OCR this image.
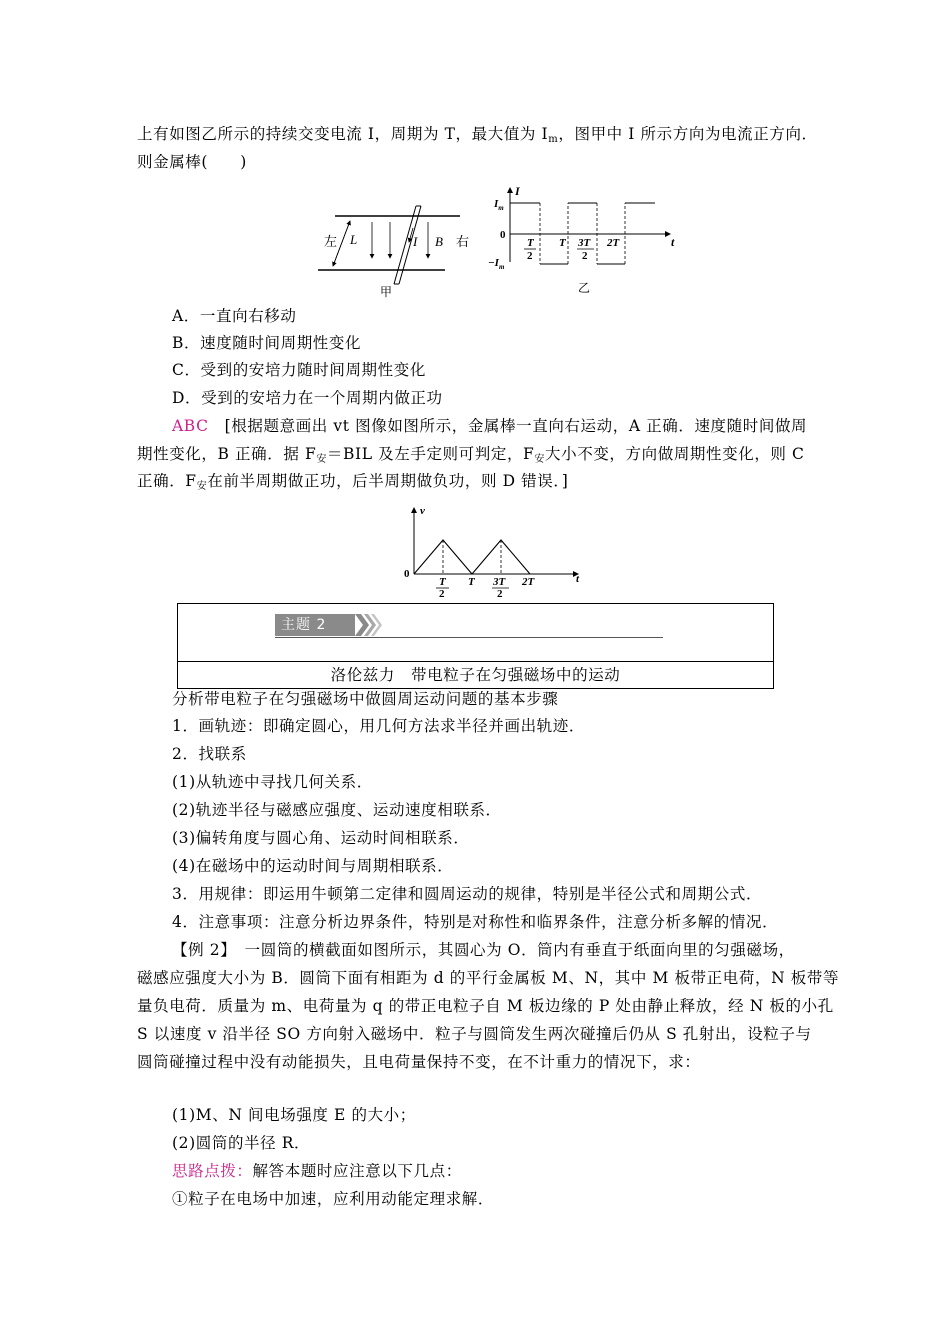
上有如图乙所示的持续交变电流 I，周期为 T，最大值为 $I_m$，图甲中 I 所示方向为电流正方向．
则金属棒(　　)
左 L	I B 右
甲
I
t
$I_m$
0
$-I_m$
T
2
T 3T
2
2T
乙
A．一直向右移动
B．速度随时间周期性变化
C．受到的安培力随时间周期性变化
D．受到的安培力在一个周期内做正功
ABC　 [根据题意画出 vt 图像如图所示，金属棒一直向右运动，A 正确．速度随时间做周
期性变化，B 正确．据 $F_安=BIL$ 及左手定则可判定，$F_安$大小不变，方向做周期性变化，则 C
正确．$F_安$在前半周期做正功，后半周期做负功，则 D 错误．]
v
t
0
T
2
T 3T
2
2T
主题 2
洛伦兹力　带电粒子在匀强磁场中的运动
分析带电粒子在匀强磁场中做圆周运动问题的基本步骤
1．画轨迹：即确定圆心，用几何方法求半径并画出轨迹．
2．找联系
(1)从轨迹中寻找几何关系．
(2)轨迹半径与磁感应强度、运动速度相联系．
(3)偏转角度与圆心角、运动时间相联系．
(4)在磁场中的运动时间与周期相联系．
3．用规律：即运用牛顿第二定律和圆周运动的规律，特别是半径公式和周期公式．
4．注意事项：注意分析边界条件，特别是对称性和临界条件，注意分析多解的情况．
【例 2】　一圆筒的横截面如图所示，其圆心为 O．筒内有垂直于纸面向里的匀强磁场，
磁感应强度大小为 B．圆筒下面有相距为 d 的平行金属板 M、N，其中 M 板带正电荷，N 板带等
量负电荷．质量为 m、电荷量为 q 的带正电粒子自 M 板边缘的 P 处由静止释放，经 N 板的小孔
S 以速度 v 沿半径 SO 方向射入磁场中．粒子与圆筒发生两次碰撞后仍从 S 孔射出，设粒子与
圆筒碰撞过程中没有动能损失，且电荷量保持不变，在不计重力的情况下，求：
(1)M、N 间电场强度 E 的大小；
(2)圆筒的半径 R．
思路点拨：解答本题时应注意以下几点：
①粒子在电场中加速，应利用动能定理求解．
